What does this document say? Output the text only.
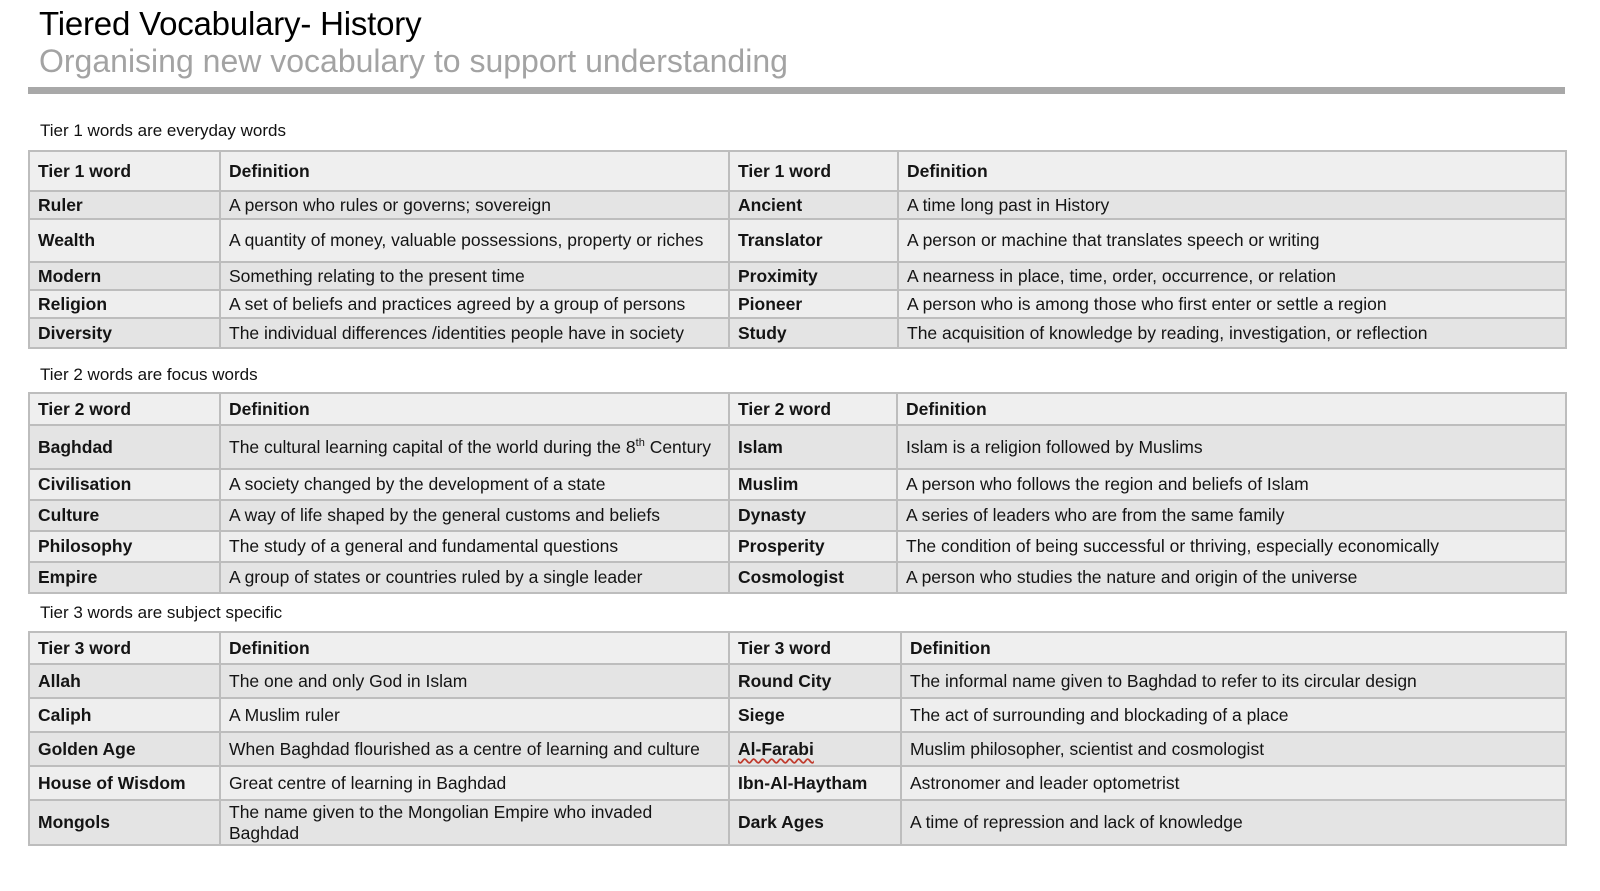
Tiered Vocabulary- History
Organising new vocabulary to support understanding
Tier 1 words are everyday words
Tier 1 word	Definition	Tier 1 word	Definition
Ruler	A person who rules or governs; sovereign	Ancient	A time long past in History
Wealth	A quantity of money, valuable possessions, property or riches	Translator	A person or machine that translates speech or writing
Modern	Something relating to the present time	Proximity	A nearness in place, time, order, occurrence, or relation
Religion	A set of beliefs and practices agreed by a group of persons	Pioneer	A person who is among those who first enter or settle a region
Diversity	The individual differences /identities people have in society	Study	The acquisition of knowledge by reading, investigation, or reflection
Tier 2 words are focus words
Tier 2 word	Definition	Tier 2 word	Definition
Baghdad	The cultural learning capital of the world during the 8th Century	Islam	Islam is a religion followed by Muslims
Civilisation	A society changed by the development of a state	Muslim	A person who follows the region and beliefs of Islam
Culture	A way of life shaped by the general customs and beliefs	Dynasty	A series of leaders who are from the same family
Philosophy	The study of a general and fundamental questions	Prosperity	The condition of being successful or thriving, especially economically
Empire	A group of states or countries ruled by a single leader	Cosmologist	A person who studies the nature and origin of the universe
Tier 3 words are subject specific
Tier 3 word	Definition	Tier 3 word	Definition
Allah	The one and only God in Islam	Round City	The informal name given to Baghdad to refer to its circular design
Caliph	A Muslim ruler	Siege	The act of surrounding and blockading of a place
Golden Age	When Baghdad flourished as a centre of learning and culture	Al-Farabi	Muslim philosopher, scientist and cosmologist
House of Wisdom	Great centre of learning in Baghdad	Ibn-Al-Haytham	Astronomer and leader optometrist
Mongols	The name given to the Mongolian Empire who invaded Baghdad	Dark Ages	A time of repression and lack of knowledge
